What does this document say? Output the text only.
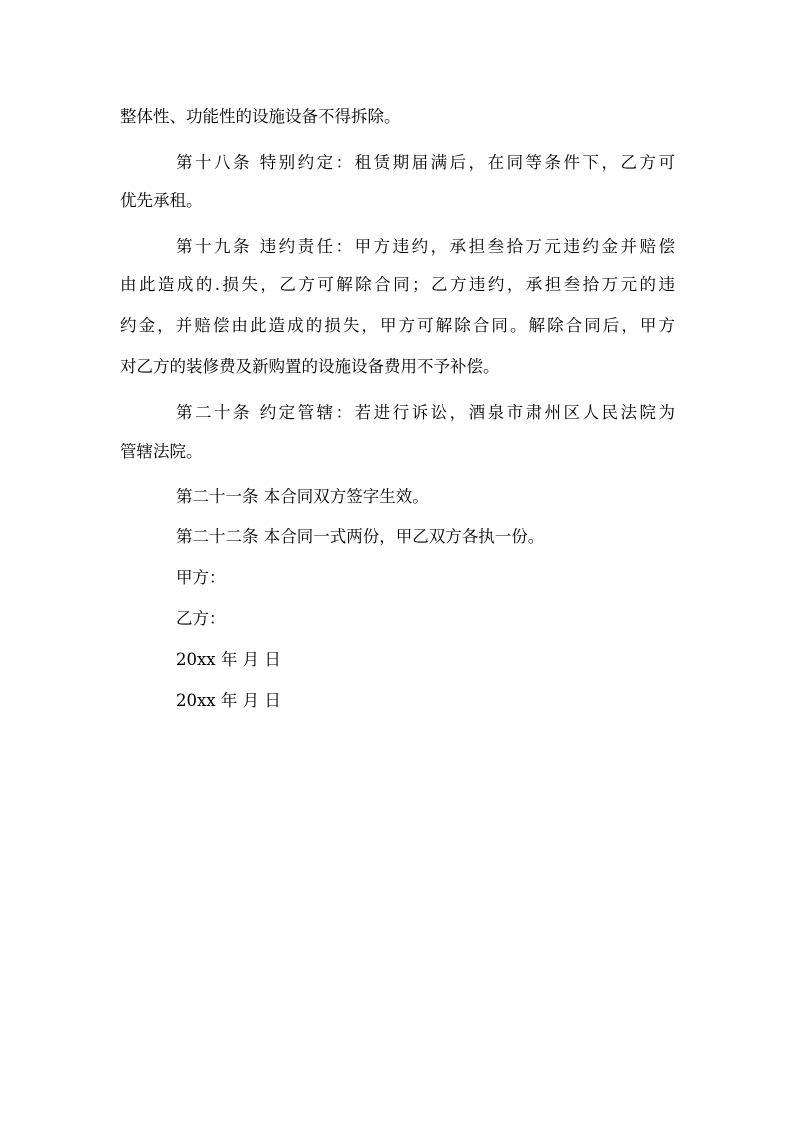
整体性、功能性的设施设备不得拆除。
第十八条 特别约定：租赁期届满后，在同等条件下，乙方可
优先承租。
第十九条 违约责任：甲方违约，承担叁拾万元违约金并赔偿
由此造成的.损失，乙方可解除合同；乙方违约，承担叁拾万元的违
约金，并赔偿由此造成的损失，甲方可解除合同。解除合同后，甲方
对乙方的装修费及新购置的设施设备费用不予补偿。
第二十条 约定管辖：若进行诉讼，酒泉市肃州区人民法院为
管辖法院。
第二十一条 本合同双方签字生效。
第二十二条 本合同一式两份，甲乙双方各执一份。
甲方：
乙方：
20xx 年 月 日
20xx 年 月 日
